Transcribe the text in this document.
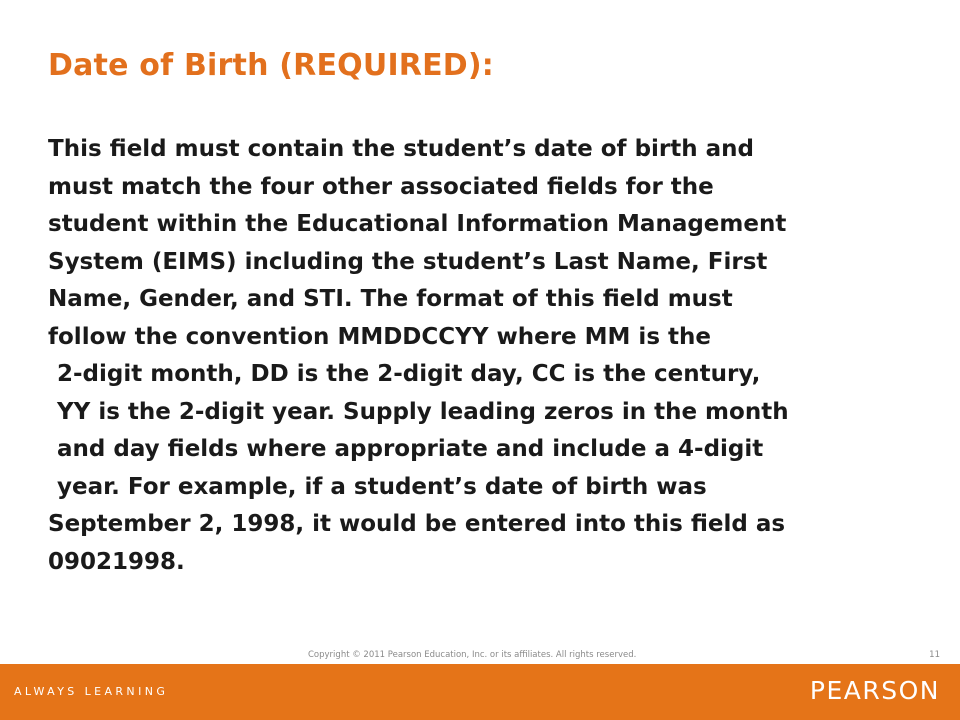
Date of Birth (REQUIRED):
This field must contain the student’s date of birth and
must match the four other associated fields for the
student within the Educational Information Management
System (EIMS) including the student’s Last Name, First
Name, Gender, and STI. The format of this field must
follow the convention MMDDCCYY where MM is the
2-digit month, DD is the 2-digit day, CC is the century,
YY is the 2-digit year. Supply leading zeros in the month
and day fields where appropriate and include a 4-digit
year. For example, if a student’s date of birth was
September 2, 1998, it would be entered into this field as
09021998.
Copyright © 2011 Pearson Education, Inc. or its affiliates. All rights reserved.	11
ALWAYS LEARNING	PEARSON
